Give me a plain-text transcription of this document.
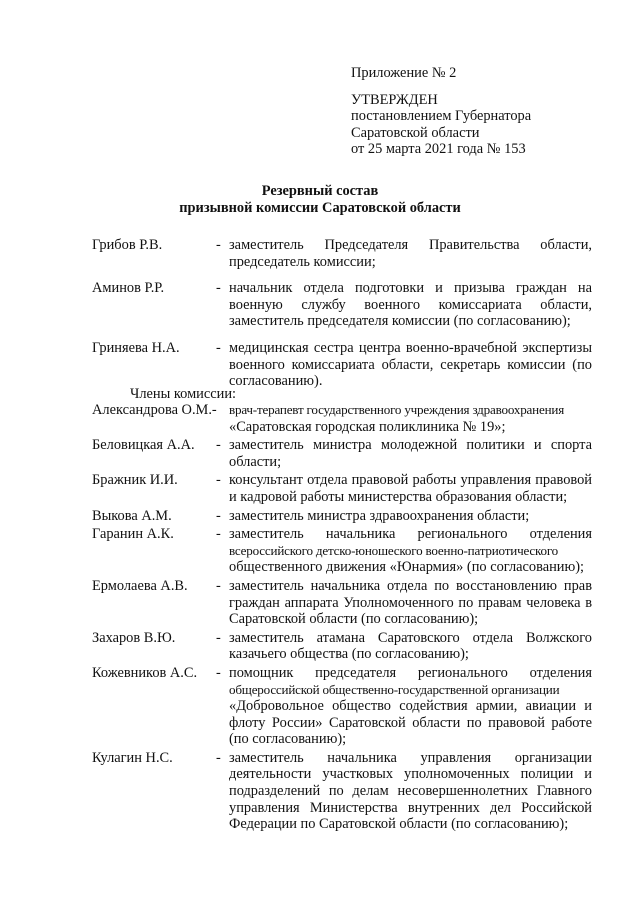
Приложение № 2
УТВЕРЖДЕН
постановлением Губернатора
Саратовской области
от 25 марта 2021 года № 153
Резервный состав
призывной комиссии Саратовской области
Грибов Р.В.	- заместитель Председателя Правительства области, председатель комиссии;
Аминов Р.Р.	- начальник отдела подготовки и призыва граждан на военную службу военного комиссариата области, заместитель председателя комиссии (по согласованию);
Гриняева Н.А.	- медицинская сестра центра военно-врачебной экспертизы военного комиссариата области, секретарь комиссии (по согласованию).
Члены комиссии:
Александрова О.М.- врач-терапевт государственного учреждения здравоохранения
«Саратовская городская поликлиника № 19»;
Беловицкая А.А.	- заместитель министра молодежной политики и спорта области;
Бражник И.И.	- консультант отдела правовой работы управления правовой и кадровой работы министерства образования области;
Выкова А.М.	- заместитель министра здравоохранения области;
Гаранин А.К.	- заместитель начальника регионального отделения
всероссийского детско-юношеского военно-патриотического
общественного движения «Юнармия» (по согласованию);
Ермолаева А.В.	- заместитель начальника отдела по восстановлению прав граждан аппарата Уполномоченного по правам человека в Саратовской области (по согласованию);
Захаров В.Ю.	- заместитель атамана Саратовского отдела Волжского казачьего общества (по согласованию);
Кожевников А.С.	- помощник председателя регионального отделения
общероссийской общественно-государственной организации
«Добровольное общество содействия армии, авиации и флоту России» Саратовской области по правовой работе (по согласованию);
Кулагин Н.С.	- заместитель начальника управления организации деятельности участковых уполномоченных полиции и подразделений по делам несовершеннолетних Главного управления Министерства внутренних дел Российской Федерации по Саратовской области (по согласованию);
